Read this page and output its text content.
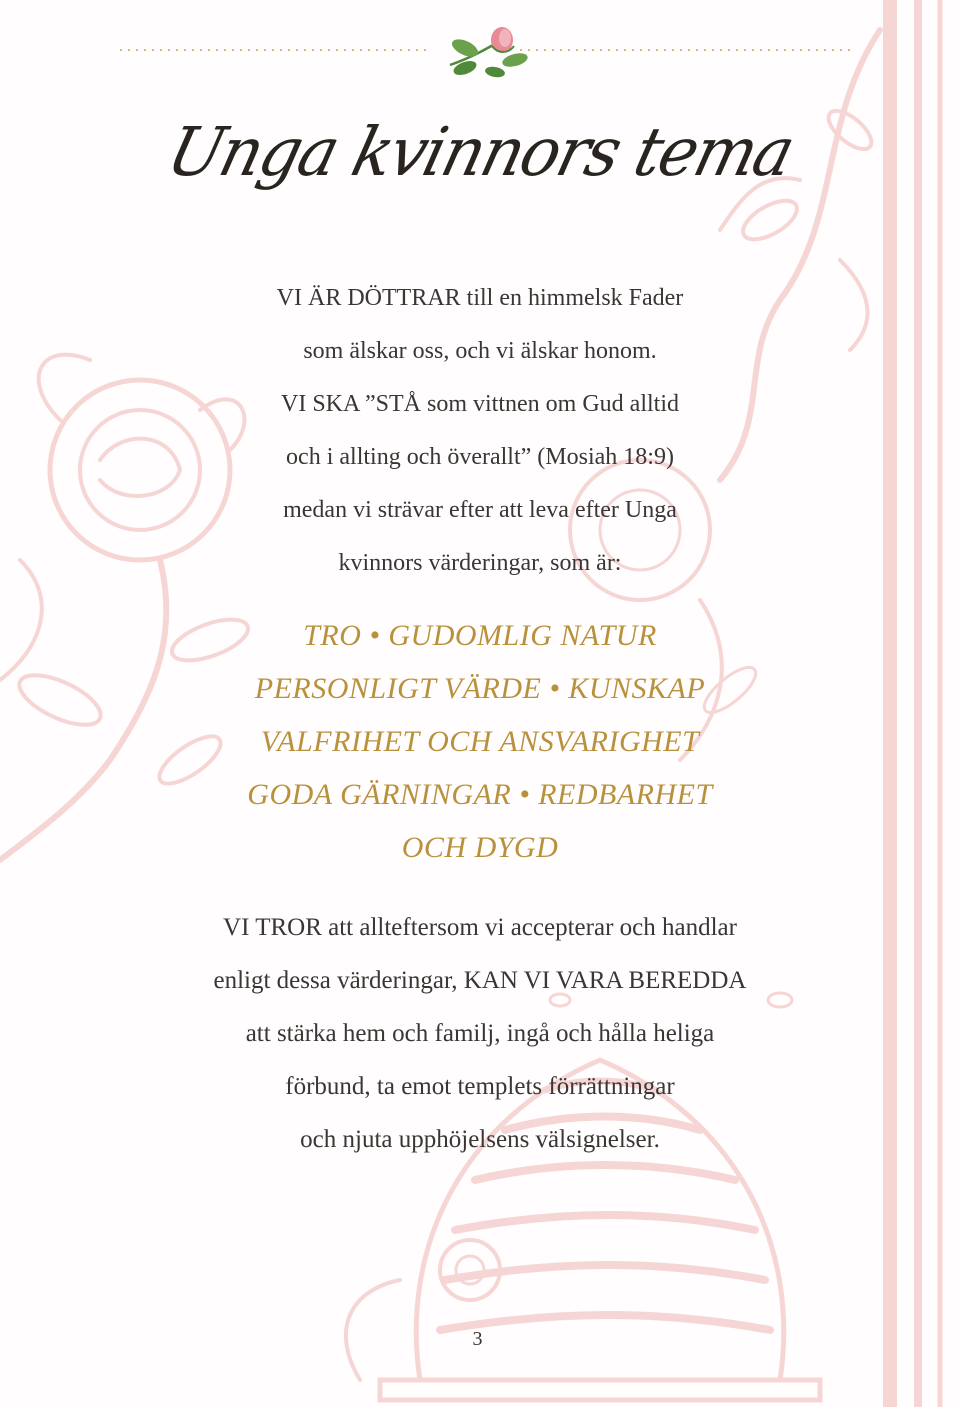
Unga kvinnors tema
VI ÄR DÖTTRAR till en himmelsk Fader
som älskar oss, och vi älskar honom.
VI SKA ”STÅ som vittnen om Gud alltid
och i allting och överallt” (Mosiah 18:9)
medan vi strävar efter att leva efter Unga
kvinnors värderingar, som är:
TRO • GUDOMLIG NATUR
PERSONLIGT VÄRDE • KUNSKAP
VALFRIHET OCH ANSVARIGHET
GODA GÄRNINGAR • REDBARHET
OCH DYGD
VI TROR att allteftersom vi accepterar och handlar
enligt dessa värderingar, KAN VI VARA BEREDDA
att stärka hem och familj, ingå och hålla heliga
förbund, ta emot templets förrättningar
och njuta upphöjelsens välsignelser.
3
